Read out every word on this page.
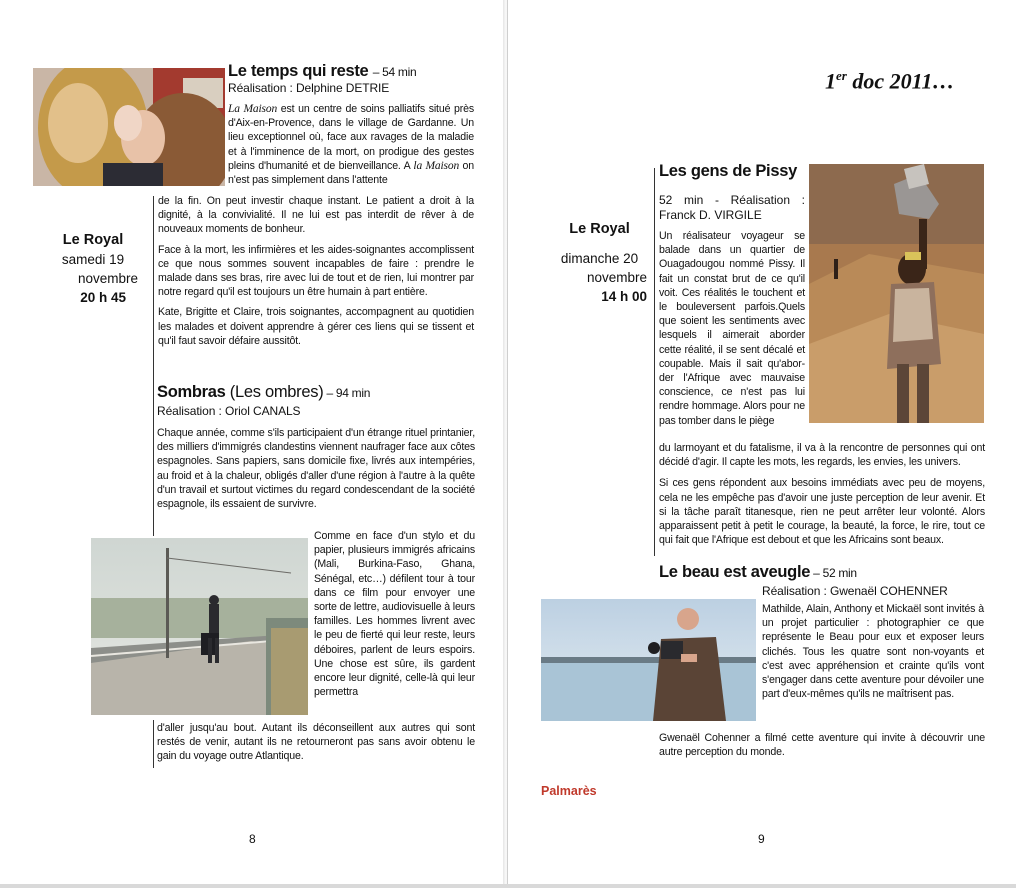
Le temps qui reste – 54 min
Réalisation : Delphine DETRIE

La Maison est un centre de soins palliatifs situé près d'Aix-en-Provence, dans le village de Gardanne. Un lieu exceptionnel où, face aux ravages de la maladie et à l'imminence de la mort, on prodigue des gestes pleins d'humanité et de bienveillance. A la Maison on n'est pas simplement dans l'attente

de la fin. On peut investir chaque instant. Le patient a droit à la dignité, à la convivialité. Il ne lui est pas interdit de rêver à de nouveaux moments de bonheur.

Face à la mort, les infirmières et les aides-soignantes accomplissent ce que nous sommes souvent incapables de faire : prendre le malade dans ses bras, rire avec lui de tout et de rien, lui montrer par notre regard qu'il est toujours un être humain à part entière.

Kate, Brigitte et Claire, trois soignantes, accompagnent au quotidien les malades et doivent apprendre à gérer ces liens qui se tissent et qu'il faut savoir défaire aussitôt.

Le Royal
samedi 19
novembre
20 h 45
Sombras (Les ombres) – 94 min
Réalisation : Oriol CANALS

Chaque année, comme s'ils participaient d'un étrange rituel printanier, des milliers d'immigrés clandestins viennent naufrager face aux côtes espagnoles. Sans papiers, sans domicile fixe, livrés aux intempéries, au froid et à la chaleur, obligés d'aller d'une région à l'autre à la quête d'un travail et surtout victimes du regard condescendant de la société espagnole, ils essaient de survivre.

Comme en face d'un stylo et du papier, plusieurs immigrés africains (Mali, Burkina-Faso, Ghana, Sénégal, etc…) défilent tour à tour dans ce film pour envoyer une sorte de lettre, audiovisuelle à leurs familles. Les hommes livrent avec le peu de fierté qui leur reste, leurs déboires, parlent de leurs espoirs. Une chose est sûre, ils gardent encore leur dignité, celle-là qui leur permettra

d'aller jusqu'au bout. Autant ils déconseillent aux autres qui sont restés de venir, autant ils ne retourneront pas sans avoir obtenu le gain du voyage outre Atlantique.

8
1er doc 2011…
Le Royal
dimanche 20
novembre
14 h 00
Les gens de Pissy
52 min - Réalisation : Franck D. VIRGILE

Un réalisateur voyageur se balade dans un quartier de Ouagadougou nommé Pissy. Il fait un constat brut de ce qu'il voit. Ces réalités le touchent et le bouleversent parfois.Quels que soient les sentiments avec lesquels il aimerait aborder cette réalité, il se sent décalé et coupable. Mais il sait qu'abor-der l'Afrique avec mauvaise conscience, ce n'est pas lui rendre hommage. Alors pour ne pas tomber dans le piège

du larmoyant et du fatalisme, il va à la rencontre de personnes qui ont décidé d'agir. Il capte les mots, les regards, les envies, les univers.

Si ces gens répondent aux besoins immédiats avec peu de moyens, cela ne les empêche pas d'avoir une juste perception de leur avenir. Et si la tâche paraît titanesque, rien ne peut arrêter leur volonté. Alors apparaissent petit à petit le courage, la beauté, la force, le rire, tout ce qui fait que l'Afrique est debout et que les Africains sont beaux.

Le beau est aveugle – 52 min
Réalisation : Gwenaël COHENNER

Mathilde, Alain, Anthony et Mickaël sont invités à un projet particulier : photographier ce que représente le Beau pour eux et exposer leurs clichés. Tous les quatre sont non-voyants et c'est avec appréhension et crainte qu'ils vont s'engager dans cette aventure pour dévoiler une part d'eux-mêmes qu'ils ne maîtrisent pas.

Gwenaël Cohenner a filmé cette aventure qui invite à découvrir une autre perception du monde.

Palmarès
9
